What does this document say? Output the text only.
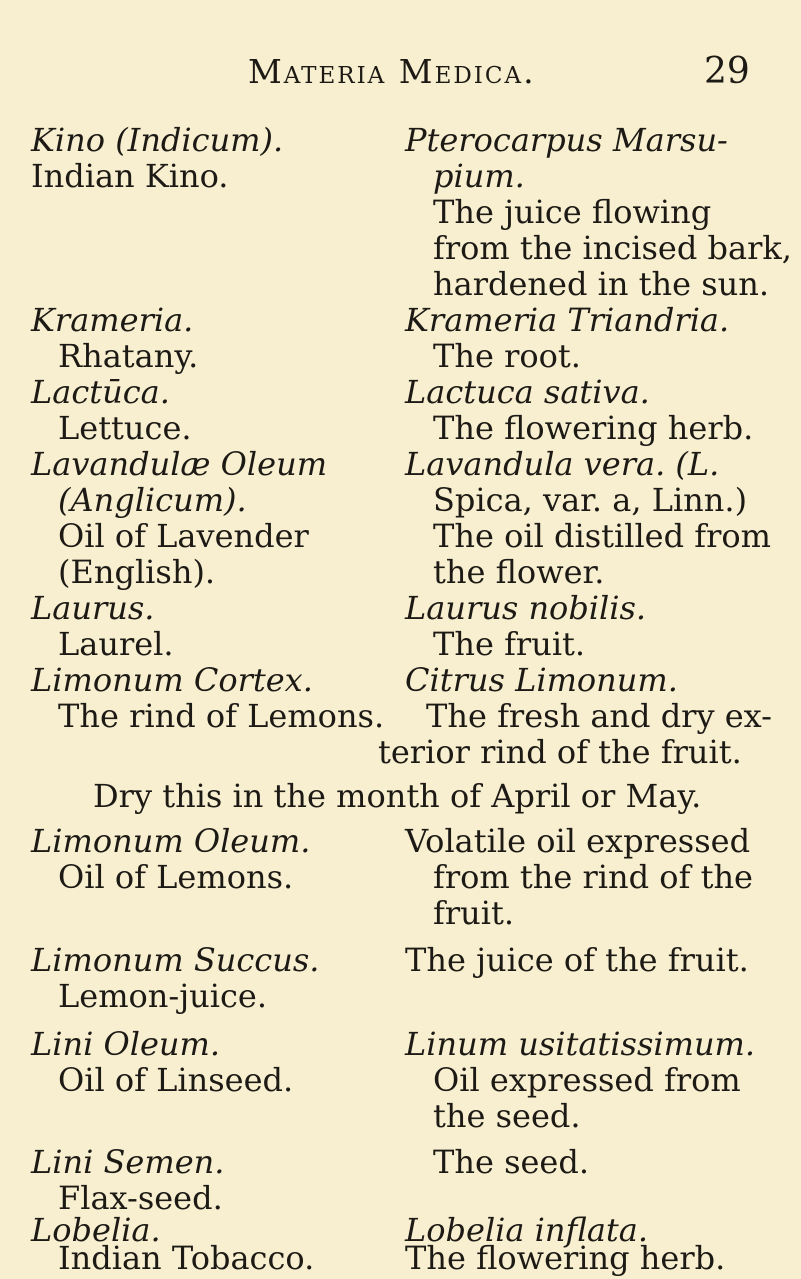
Materia Medica.	29
Kino (Indicum).
Indian Kino.
Pterocarpus Marsu-
pium.
The juice flowing
from the incised bark,
hardened in the sun.
Krameria.
Rhatany.
Krameria Triandria.
The root.
Lactūca.
Lettuce.
Lactuca sativa.
The flowering herb.
Lavandulæ Oleum
(Anglicum).
Oil of Lavender
(English).
Lavandula vera. (L.
Spica, var. a, Linn.)
The oil distilled from
the flower.
Laurus.
Laurel.
Laurus nobilis.
The fruit.
Limonum Cortex.
The rind of Lemons.
Citrus Limonum.
The fresh and dry ex-
terior rind of the fruit.
Dry this in the month of April or May.
Limonum Oleum.
Oil of Lemons.
Volatile oil expressed
from the rind of the
fruit.
Limonum Succus.
Lemon-juice.
The juice of the fruit.
Lini Oleum.
Oil of Linseed.
Linum usitatissimum.
Oil expressed from
the seed.
Lini Semen.
Flax-seed.
The seed.
Lobelia.
Indian Tobacco.
Lobelia inflata.
The flowering herb.
